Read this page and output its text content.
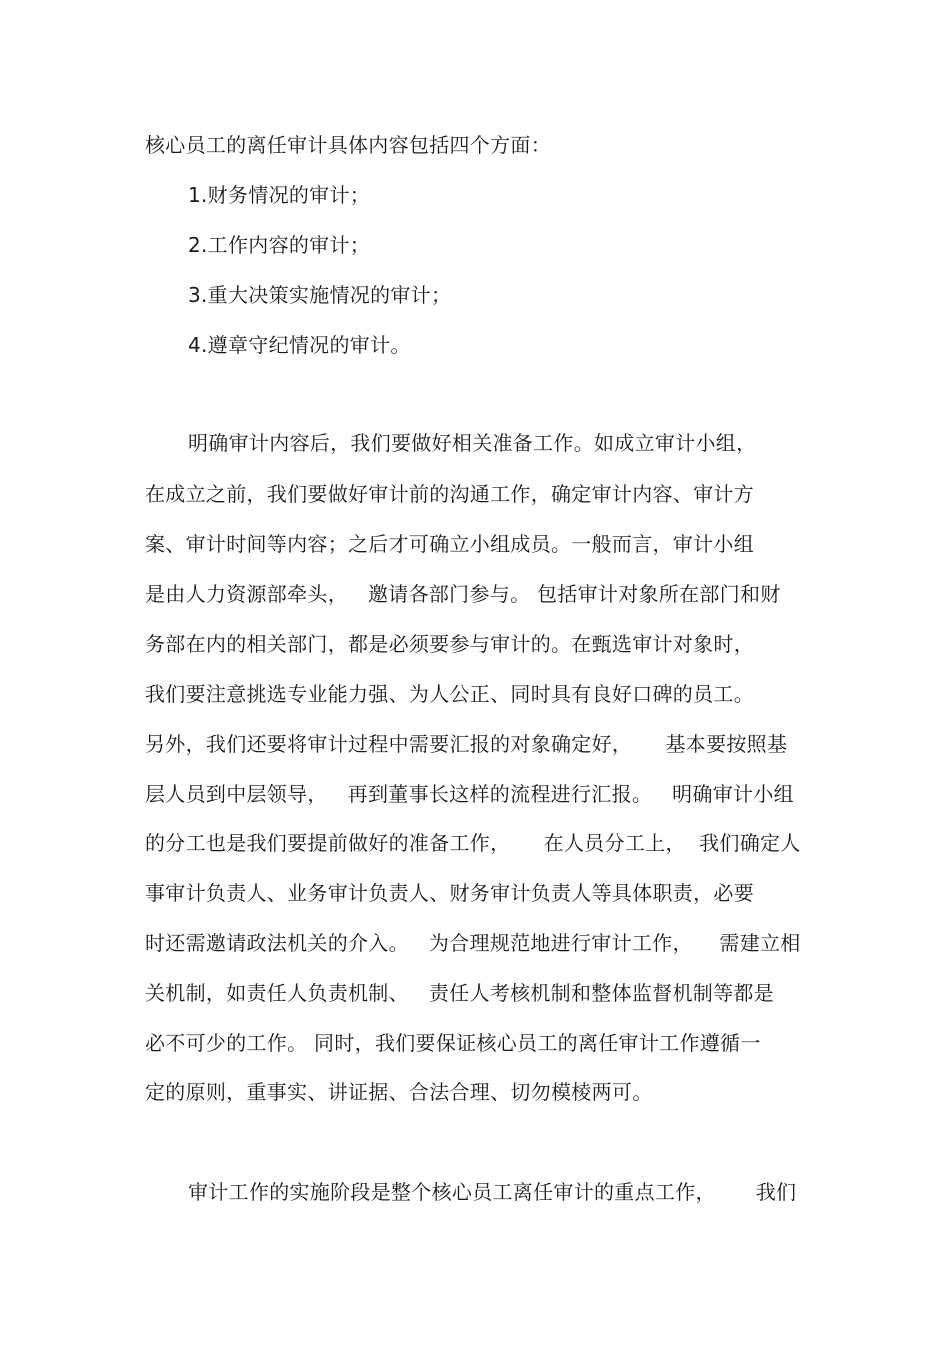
核心员工的离任审计具体内容包括四个方面：
1.财务情况的审计；
2.工作内容的审计；
3.重大决策实施情况的审计；
4.遵章守纪情况的审计。
明确审计内容后，我们要做好相关准备工作。如成立审计小组，
在成立之前，我们要做好审计前的沟通工作，确定审计内容、审计方
案、审计时间等内容；之后才可确立小组成员。一般而言，审计小组
是由人力资源部牵头，   邀请各部门参与。 包括审计对象所在部门和财
务部在内的相关部门，都是必须要参与审计的。在甄选审计对象时，
我们要注意挑选专业能力强、为人公正、同时具有良好口碑的员工。
另外，我们还要将审计过程中需要汇报的对象确定好，     基本要按照基
层人员到中层领导，   再到董事长这样的流程进行汇报。   明确审计小组
的分工也是我们要提前做好的准备工作，     在人员分工上，  我们确定人
事审计负责人、业务审计负责人、财务审计负责人等具体职责，必要
时还需邀请政法机关的介入。   为合理规范地进行审计工作，    需建立相
关机制，如责任人负责机制、   责任人考核机制和整体监督机制等都是
必不可少的工作。 同时，我们要保证核心员工的离任审计工作遵循一
定的原则，重事实、讲证据、合法合理、切勿模棱两可。
审计工作的实施阶段是整个核心员工离任审计的重点工作，      我们
